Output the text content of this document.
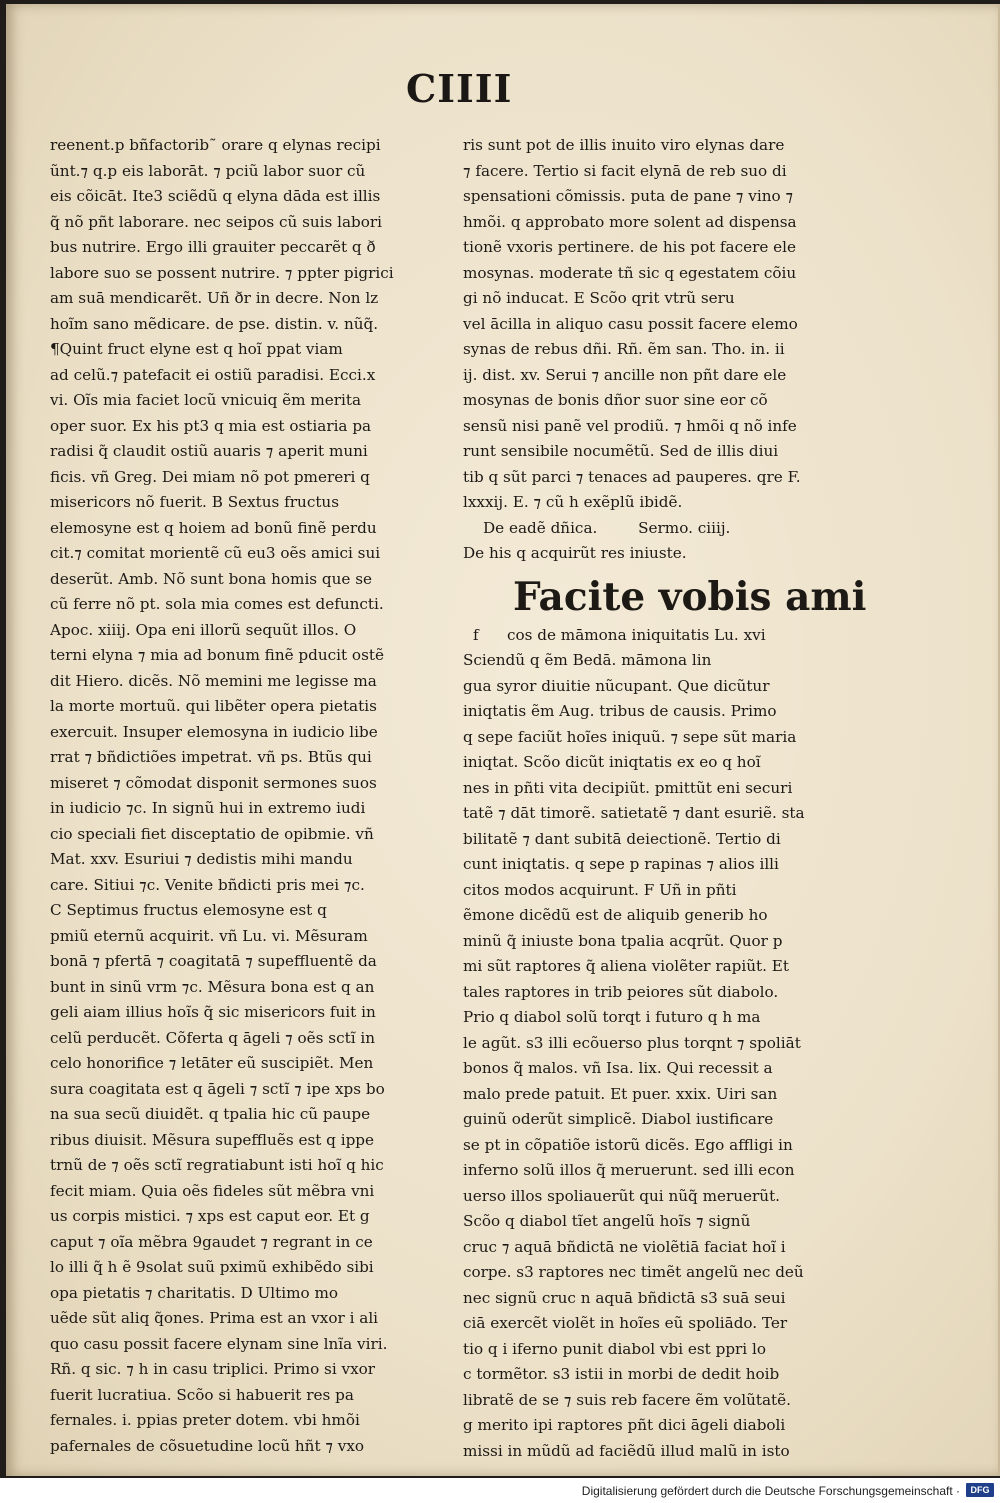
CIIII
reenent.p bñfactorib˜ orare q elynas recipi
ũnt.⁊ q.p eis laborāt. ⁊ pciũ labor suor cũ
eis cõicāt. Ite3 sciẽdũ q elyna dāda est illis
q̃ nõ pñt laborare. nec seipos cũ suis labori
bus nutrire. Ergo illi grauiter peccarẽt q ð
labore suo se possent nutrire. ⁊ ppter pigrici
am suā mendicarẽt. Uñ ðr in decre. Non lz
hoĩm sano mẽdicare. de pse. distin. v. nũq̃.
¶Quint fruct elyne est q hoĩ ppat viam
ad celũ.⁊ patefacit ei ostiũ paradisi. Ecci.x
vi. Oĩs mia faciet locũ vnicuiq ẽm merita
oper suor. Ex his pt3 q mia est ostiaria pa
radisi q̃ claudit ostiũ auaris ⁊ aperit muni
ficis. vñ Greg. Dei miam nõ pot pmereri q
misericors nõ fuerit. B Sextus fructus
elemosyne est q hoiem ad bonũ finẽ perdu
cit.⁊ comitat morientẽ cũ eu3 oẽs amici sui
deserũt. Amb. Nõ sunt bona homis que se
cũ ferre nõ pt. sola mia comes est defuncti.
Apoc. xiiij. Opa eni illorũ sequũt illos. O
terni elyna ⁊ mia ad bonum finẽ pducit ostẽ
dit Hiero. dicẽs. Nõ memini me legisse ma
la morte mortuũ. qui libẽter opera pietatis
exercuit. Insuper elemosyna in iudicio libe
rrat ⁊ bñdictiões impetrat. vñ ps. Btũs qui
miseret ⁊ cõmodat disponit sermones suos
in iudicio ⁊c. In signũ hui in extremo iudi
cio speciali fiet disceptatio de opibmie. vñ
Mat. xxv. Esuriui ⁊ dedistis mihi mandu
care. Sitiui ⁊c. Venite bñdicti pris mei ⁊c.
C Septimus fructus elemosyne est q
pmiũ eternũ acquirit. vñ Lu. vi. Mẽsuram
bonā ⁊ pfertā ⁊ coagitatā ⁊ supeffluentẽ da
bunt in sinũ vrm ⁊c. Mẽsura bona est q an
geli aiam illius hoĩs q̃ sic misericors fuit in
celũ perducẽt. Cõferta q āgeli ⁊ oẽs sctĩ in
celo honorifice ⁊ letāter eũ suscipiẽt. Men
sura coagitata est q āgeli ⁊ sctĩ ⁊ ipe xps bo
na sua secũ diuidẽt. q tpalia hic cũ paupe
ribus diuisit. Mẽsura supeffluẽs est q ippe
trnũ de ⁊ oẽs sctĩ regratiabunt isti hoĩ q hic
fecit miam. Quia oẽs fideles sũt mẽbra vni
us corpis mistici. ⁊ xps est caput eor. Et g
caput ⁊ oĩa mẽbra 9gaudet ⁊ regrant in ce
lo illi q̃ h ẽ 9solat suũ pximũ exhibẽdo sibi
opa pietatis ⁊ charitatis. D Ultimo mo
uẽde sũt aliq q̃ones. Prima est an vxor i ali
quo casu possit facere elynam sine lnĩa viri.
Rñ. q sic. ⁊ h in casu triplici. Primo si vxor
fuerit lucratiua. Scõo si habuerit res pa
fernales. i. ppias preter dotem. vbi hmõi
pafernales de cõsuetudine locũ hñt ⁊ vxo
ris sunt pot de illis inuito viro elynas dare
⁊ facere. Tertio si facit elynā de reb suo di
spensationi cõmissis. puta de pane ⁊ vino ⁊
hmõi. q approbato more solent ad dispensa
tionẽ vxoris pertinere. de his pot facere ele
mosynas. moderate tñ sic q egestatem cõiu
gi nõ inducat. E Scõo qrit vtrũ seru
vel ācilla in aliquo casu possit facere elemo
synas de rebus dñi. Rñ. ẽm san. Tho. in. ii
ij. dist. xv. Serui ⁊ ancille non pñt dare ele
mosynas de bonis dñor suor sine eor cõ
sensũ nisi panẽ vel prodiũ. ⁊ hmõi q nõ infe
runt sensibile nocumẽtũ. Sed de illis diui
tib q sũt parci ⁊ tenaces ad pauperes. qre F.
lxxxij. E. ⁊ cũ h exẽplũ ibidẽ.
De eadẽ dñica.	Sermo. ciiij.
De his q acquirũt res iniuste.
Facite vobis ami
f	cos de māmona iniquitatis Lu. xvi
Sciendũ q ẽm Bedā. māmona lin
gua syror diuitie nũcupant. Que dicũtur
iniqtatis ẽm Aug. tribus de causis. Primo
q sepe faciũt hoĩes iniquũ. ⁊ sepe sũt maria
iniqtat. Scõo dicũt iniqtatis ex eo q hoĩ
nes in pñti vita decipiũt. pmittũt eni securi
tatẽ ⁊ dāt timorẽ. satietatẽ ⁊ dant esuriẽ. sta
bilitatẽ ⁊ dant subitā deiectionẽ. Tertio di
cunt iniqtatis. q sepe p rapinas ⁊ alios illi
citos modos acquirunt. F Uñ in pñti
ẽmone dicẽdũ est de aliquib generib ho
minũ q̃ iniuste bona tpalia acqrũt. Quor p
mi sũt raptores q̃ aliena violẽter rapiũt. Et
tales raptores in trib peiores sũt diabolo.
Prio q diabol solũ torqt i futuro q h ma
le agũt. s3 illi ecõuerso plus torqnt ⁊ spoliāt
bonos q̃ malos. vñ Isa. lix. Qui recessit a
malo prede patuit. Et puer. xxix. Uiri san
guinũ oderũt simplicẽ. Diabol iustificare
se pt in cõpatiõe istorũ dicẽs. Ego affligi in
inferno solũ illos q̃ meruerunt. sed illi econ
uerso illos spoliauerũt qui nũq̃ meruerũt.
Scõo q diabol tĩet angelũ hoĩs ⁊ signũ
cruc ⁊ aquā bñdictā ne violẽtiā faciat hoĩ i
corpe. s3 raptores nec timẽt angelũ nec deũ
nec signũ cruc n aquā bñdictā s3 suā seui
ciā exercẽt violẽt in hoĩes eũ spoliādo. Ter
tio q i iferno punit diabol vbi est ppri lo
c tormẽtor. s3 istii in morbi de dedit hoib
libratẽ de se ⁊ suis reb facere ẽm volũtatẽ.
g merito ipi raptores pñt dici āgeli diaboli
missi in mũdũ ad faciẽdũ illud malũ in isto
Digitalisierung gefördert durch die Deutsche Forschungsgemeinschaft ·	DFG
